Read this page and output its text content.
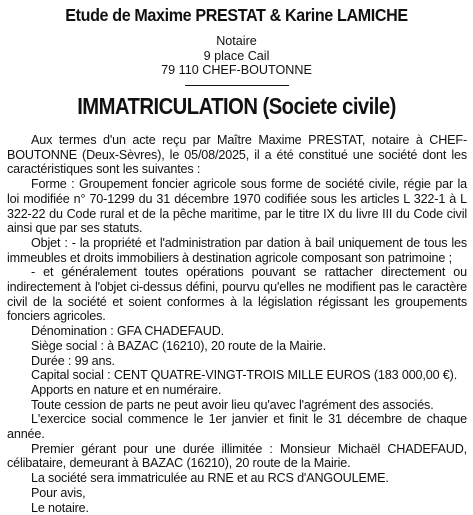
Etude de Maxime PRESTAT & Karine LAMICHE
Notaire
9 place Cail
79 110 CHEF-BOUTONNE
IMMATRICULATION (Societe civile)

Aux termes d'un acte reçu par Maître Maxime PRESTAT, notaire à CHEF-BOUTONNE (Deux-Sèvres), le 05/08/2025, il a été constitué une société dont les caractéristiques sont les suivantes :

Forme : Groupement foncier agricole sous forme de société civile, régie par la loi modifiée n° 70-1299 du 31 décembre 1970 codifiée sous les articles L 322-1 à L 322-22 du Code rural et de la pêche maritime, par le titre IX du livre III du Code civil ainsi que par ses statuts.

Objet : - la propriété et l'administration par dation à bail uniquement de tous les immeubles et droits immobiliers à destination agricole composant son patrimoine ;

- et généralement toutes opérations pouvant se rattacher directement ou indirectement à l'objet ci-dessus défini, pourvu qu'elles ne modifient pas le caractère civil de la société et soient conformes à la législation régissant les groupements fonciers agricoles.

Dénomination : GFA CHADEFAUD.

Siège social : à BAZAC (16210), 20 route de la Mairie.

Durée : 99 ans.

Capital social : CENT QUATRE-VINGT-TROIS MILLE EUROS (183 000,00 €).

Apports en nature et en numéraire.

Toute cession de parts ne peut avoir lieu qu'avec l'agrément des associés.

L'exercice social commence le 1er janvier et finit le 31 décembre de chaque année.

Premier gérant pour une durée illimitée : Monsieur Michaël CHADEFAUD, célibataire, demeurant à BAZAC (16210), 20 route de la Mairie.

La société sera immatriculée au RNE et au RCS d'ANGOULEME.

Pour avis,

Le notaire.
